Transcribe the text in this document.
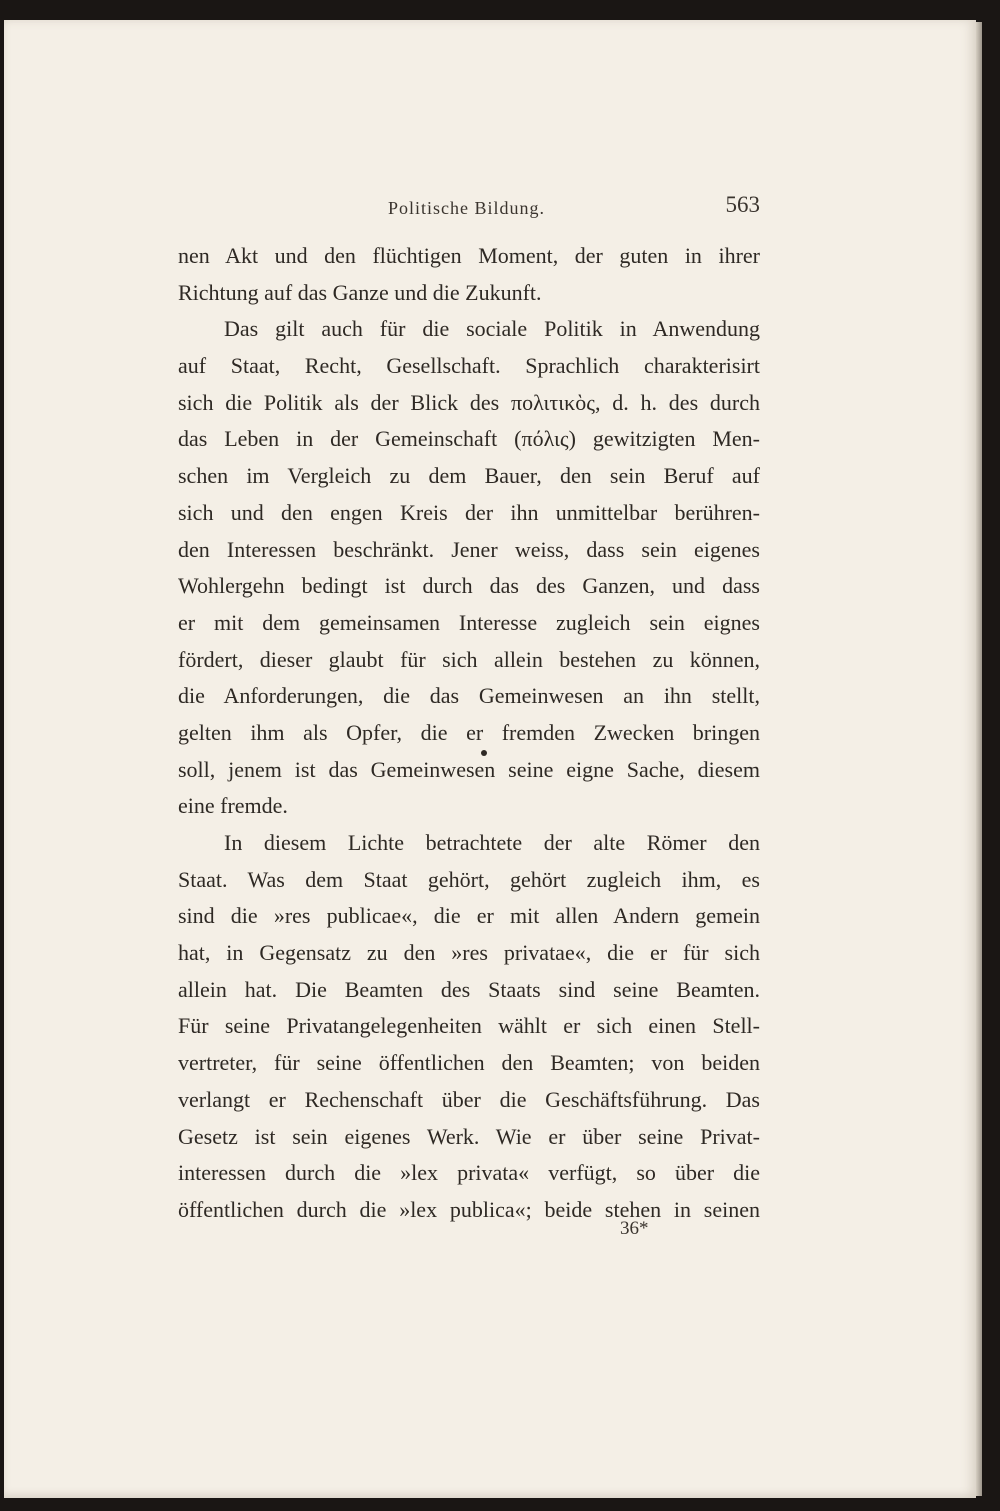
Politische Bildung.	563
nen Akt und den flüchtigen Moment, der guten in ihrer
Richtung auf das Ganze und die Zukunft.
Das gilt auch für die sociale Politik in Anwendung
auf Staat, Recht, Gesellschaft. Sprachlich charakterisirt
sich die Politik als der Blick des πολιτικὸς, d. h. des durch
das Leben in der Gemeinschaft (πόλις) gewitzigten Men-
schen im Vergleich zu dem Bauer, den sein Beruf auf
sich und den engen Kreis der ihn unmittelbar berühren-
den Interessen beschränkt. Jener weiss, dass sein eigenes
Wohlergehn bedingt ist durch das des Ganzen, und dass
er mit dem gemeinsamen Interesse zugleich sein eignes
fördert, dieser glaubt für sich allein bestehen zu können,
die Anforderungen, die das Gemeinwesen an ihn stellt,
gelten ihm als Opfer, die er fremden Zwecken bringen
soll, jenem ist das Gemeinwesen seine eigne Sache, diesem
eine fremde.
In diesem Lichte betrachtete der alte Römer den
Staat. Was dem Staat gehört, gehört zugleich ihm, es
sind die »res publicae«, die er mit allen Andern gemein
hat, in Gegensatz zu den »res privatae«, die er für sich
allein hat. Die Beamten des Staats sind seine Beamten.
Für seine Privatangelegenheiten wählt er sich einen Stell-
vertreter, für seine öffentlichen den Beamten; von beiden
verlangt er Rechenschaft über die Geschäftsführung. Das
Gesetz ist sein eigenes Werk. Wie er über seine Privat-
interessen durch die »lex privata« verfügt, so über die
öffentlichen durch die »lex publica«; beide stehen in seinen
36*
